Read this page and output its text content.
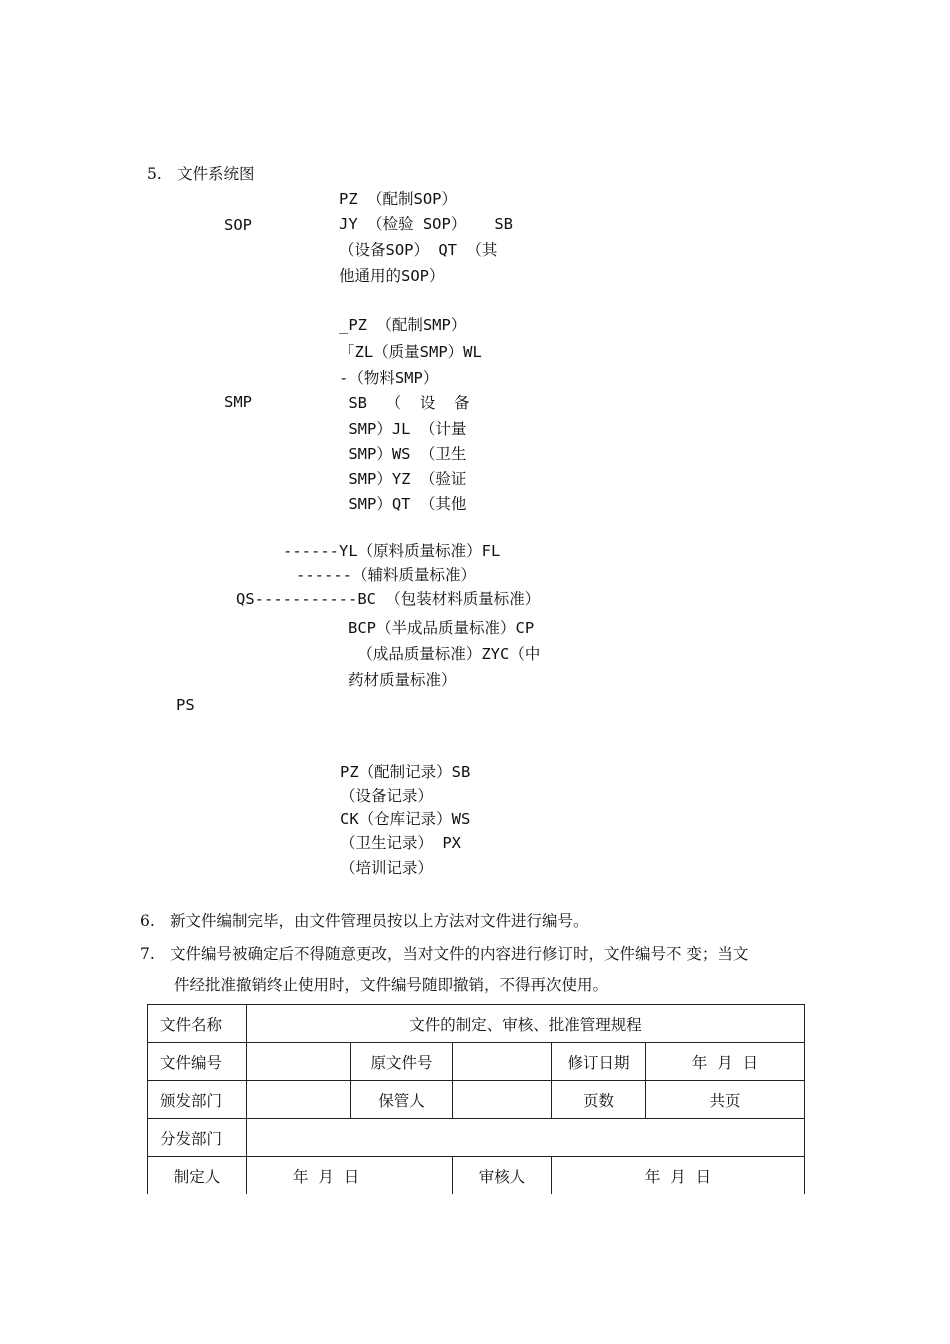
5. 文件系统图
SOP
PZ （配制SOP）
JY （检验 SOP）   SB
（设备SOP） QT （其
他通用的SOP）
SMP
_PZ （配制SMP）
「ZL（质量SMP）WL
-（物料SMP）
SB  （  设  备
SMP）JL （计量
SMP）WS （卫生
SMP）YZ （验证
SMP）QT （其他
------YL（原料质量标准）FL
------（辅料质量标准）
QS-----------BC （包装材料质量标准）
BCP（半成品质量标准）CP
（成品质量标准）ZYC（中
药材质量标准）
PS
PZ（配制记录）SB
（设备记录）
CK（仓库记录）WS
（卫生记录） PX
（培训记录）
6. 新文件编制完毕，由文件管理员按以上方法对文件进行编号。
7. 文件编号被确定后不得随意更改，当对文件的内容进行修订时，文件编号不 变；当文
件经批准撤销终止使用时，文件编号随即撤销，不得再次使用。
文件名称	文件的制定、审核、批准管理规程				
文件编号		原文件号		修订日期	年  月  日
颁发部门		保管人		页数	共页
分发部门					
制定人	年  月  日		审核人	年  月  日	
